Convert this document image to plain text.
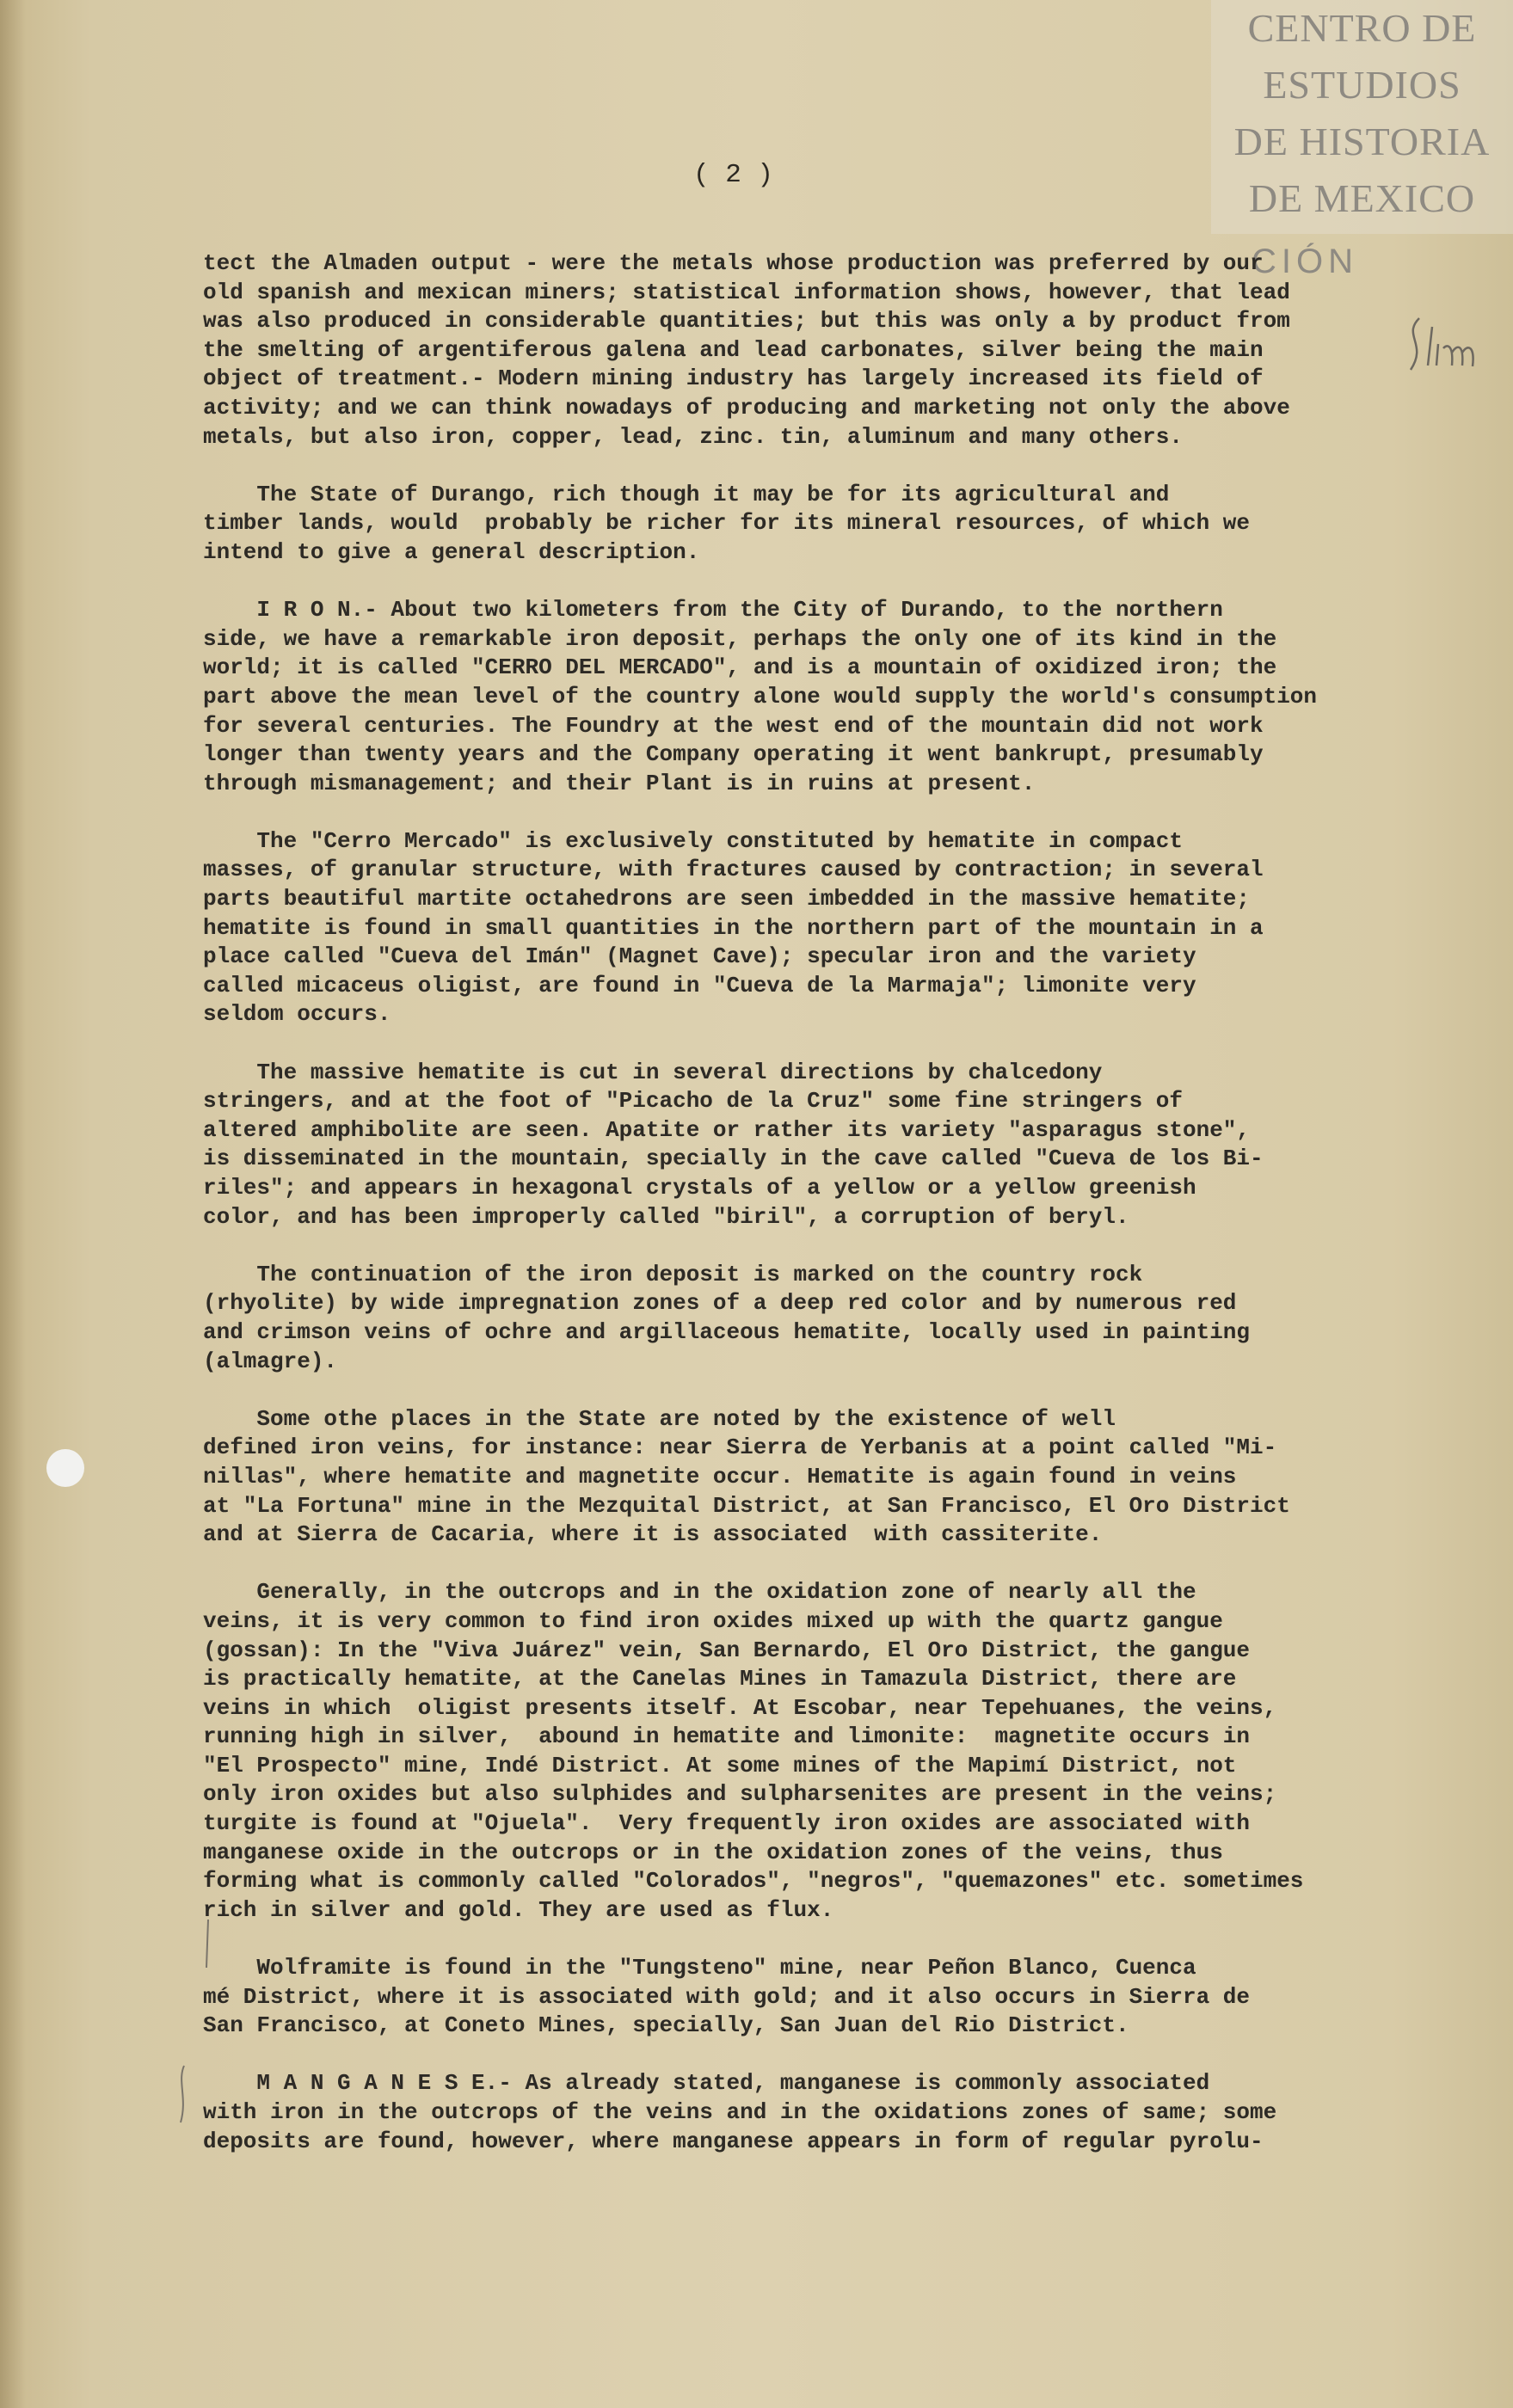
CENTRO DE
ESTUDIOS
DE HISTORIA
DE MEXICO
CIÓN
( 2 )
tect the Almaden output - were the metals whose production was preferred by our
old spanish and mexican miners; statistical information shows, however, that lead
was also produced in considerable quantities; but this was only a by product from
the smelting of argentiferous galena and lead carbonates, silver being the main
object of treatment.- Modern mining industry has largely increased its field of
activity; and we can think nowadays of producing and marketing not only the above
metals, but also iron, copper, lead, zinc. tin, aluminum and many others.
The State of Durango, rich though it may be for its agricultural and
timber lands, would  probably be richer for its mineral resources, of which we
intend to give a general description.
I R O N.- About two kilometers from the City of Durando, to the northern
side, we have a remarkable iron deposit, perhaps the only one of its kind in the
world; it is called "CERRO DEL MERCADO", and is a mountain of oxidized iron; the
part above the mean level of the country alone would supply the world's consumption
for several centuries. The Foundry at the west end of the mountain did not work
longer than twenty years and the Company operating it went bankrupt, presumably
through mismanagement; and their Plant is in ruins at present.
The "Cerro Mercado" is exclusively constituted by hematite in compact
masses, of granular structure, with fractures caused by contraction; in several
parts beautiful martite octahedrons are seen imbedded in the massive hematite;
hematite is found in small quantities in the northern part of the mountain in a
place called "Cueva del Imán" (Magnet Cave); specular iron and the variety
called micaceus oligist, are found in "Cueva de la Marmaja"; limonite very
seldom occurs.
The massive hematite is cut in several directions by chalcedony
stringers, and at the foot of "Picacho de la Cruz" some fine stringers of
altered amphibolite are seen. Apatite or rather its variety "asparagus stone",
is disseminated in the mountain, specially in the cave called "Cueva de los Bi-
riles"; and appears in hexagonal crystals of a yellow or a yellow greenish
color, and has been improperly called "biril", a corruption of beryl.
The continuation of the iron deposit is marked on the country rock
(rhyolite) by wide impregnation zones of a deep red color and by numerous red
and crimson veins of ochre and argillaceous hematite, locally used in painting
(almagre).
Some othe places in the State are noted by the existence of well
defined iron veins, for instance: near Sierra de Yerbanis at a point called "Mi-
nillas", where hematite and magnetite occur. Hematite is again found in veins
at "La Fortuna" mine in the Mezquital District, at San Francisco, El Oro District
and at Sierra de Cacaria, where it is associated  with cassiterite.
Generally, in the outcrops and in the oxidation zone of nearly all the
veins, it is very common to find iron oxides mixed up with the quartz gangue
(gossan): In the "Viva Juárez" vein, San Bernardo, El Oro District, the gangue
is practically hematite, at the Canelas Mines in Tamazula District, there are
veins in which  oligist presents itself. At Escobar, near Tepehuanes, the veins,
running high in silver,  abound in hematite and limonite:  magnetite occurs in
"El Prospecto" mine, Indé District. At some mines of the Mapimí District, not
only iron oxides but also sulphides and sulpharsenites are present in the veins;
turgite is found at "Ojuela".  Very frequently iron oxides are associated with
manganese oxide in the outcrops or in the oxidation zones of the veins, thus
forming what is commonly called "Colorados", "negros", "quemazones" etc. sometimes
rich in silver and gold. They are used as flux.
Wolframite is found in the "Tungsteno" mine, near Peñon Blanco, Cuenca
mé District, where it is associated with gold; and it also occurs in Sierra de
San Francisco, at Coneto Mines, specially, San Juan del Rio District.
M A N G A N E S E.- As already stated, manganese is commonly associated
with iron in the outcrops of the veins and in the oxidations zones of same; some
deposits are found, however, where manganese appears in form of regular pyrolu-
